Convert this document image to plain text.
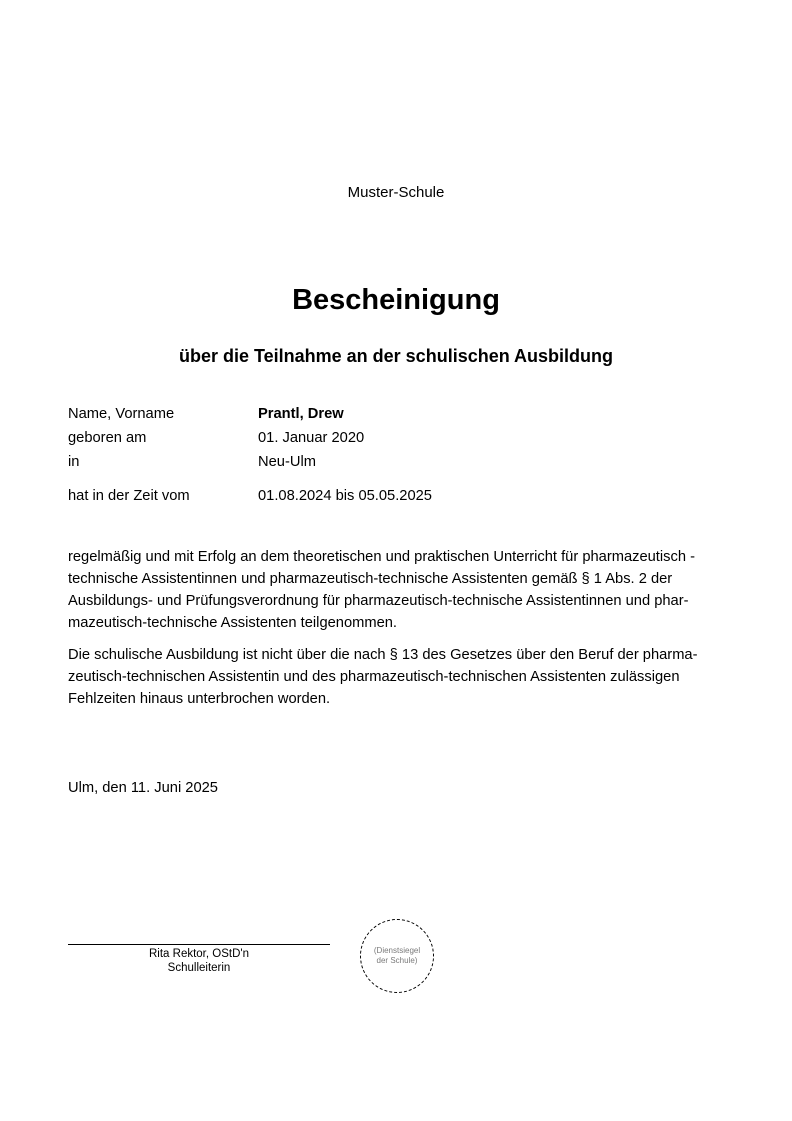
Muster-Schule
Bescheinigung
über die Teilnahme an der schulischen Ausbildung
Name, Vorname	Prantl, Drew
geboren am	01. Januar 2020
in	Neu-Ulm
hat in der Zeit vom	01.08.2024 bis 05.05.2025
regelmäßig und mit Erfolg an dem theoretischen und praktischen Unterricht für pharmazeutisch -
technische Assistentinnen und pharmazeutisch-technische Assistenten gemäß § 1 Abs. 2 der
Ausbildungs- und Prüfungsverordnung für pharmazeutisch-technische Assistentinnen und phar-
mazeutisch-technische Assistenten teilgenommen.
Die schulische Ausbildung ist nicht über die nach § 13 des Gesetzes über den Beruf der pharma-
zeutisch-technischen Assistentin und des pharmazeutisch-technischen Assistenten zulässigen
Fehlzeiten hinaus unterbrochen worden.
Ulm, den 11. Juni 2025
Rita Rektor, OStD'n
Schulleiterin
(Dienstsiegel
der Schule)
